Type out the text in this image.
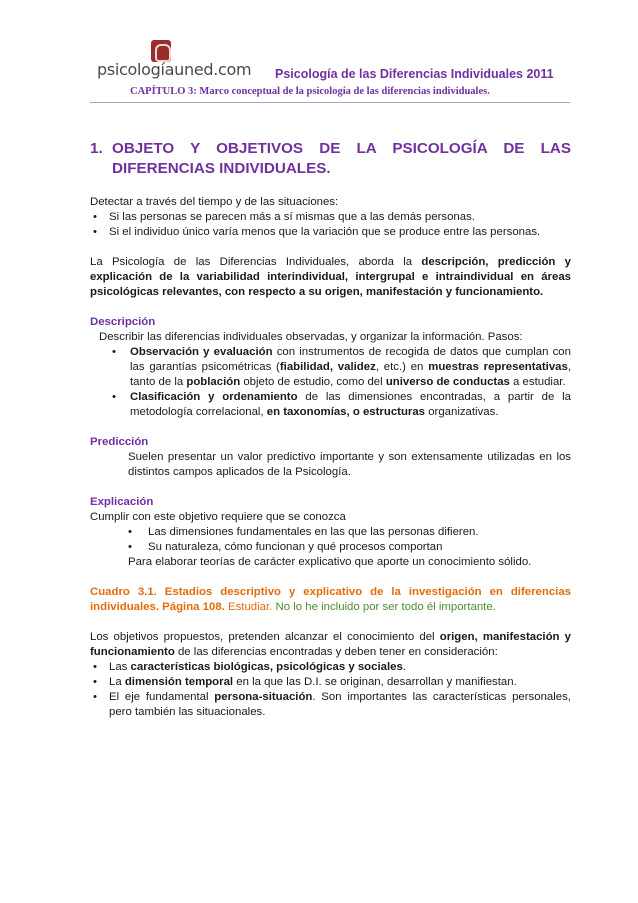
psicologíauned.com Psicología de las Diferencias Individuales 2011
CAPÍTULO 3: Marco conceptual de la psicología de las diferencias individuales.
1. OBJETO Y OBJETIVOS DE LA PSICOLOGÍA DE LAS
DIFERENCIAS INDIVIDUALES.

Detectar a través del tiempo y de las situaciones:

• Si las personas se parecen más a sí mismas que a las demás personas.
• Si el individuo único varía menos que la variación que se produce entre las personas.

La Psicología de las Diferencias Individuales, aborda la descripción, predicción y explicación de la variabilidad interindividual, intergrupal e intraindividual en áreas psicológicas relevantes, con respecto a su origen, manifestación y funcionamiento.

Descripción

Describir las diferencias individuales observadas, y organizar la información. Pasos:

• Observación y evaluación con instrumentos de recogida de datos que cumplan con las garantías psicométricas (fiabilidad, validez, etc.) en muestras representativas, tanto de la población objeto de estudio, como del universo de conductas a estudiar.

• Clasificación y ordenamiento de las dimensiones encontradas, a partir de la metodología correlacional, en taxonomías, o estructuras organizativas.

Predicción

Suelen presentar un valor predictivo importante y son extensamente utilizadas en los distintos campos aplicados de la Psicología.

Explicación

Cumplir con este objetivo requiere que se conozca

• Las dimensiones fundamentales en las que las personas difieren.
• Su naturaleza, cómo funcionan y qué procesos comportan

Para elaborar teorías de carácter explicativo que aporte un conocimiento sólido.

Cuadro 3.1. Estadios descriptivo y explicativo de la investigación en diferencias individuales. Página 108. Estudiar. No lo he incluido por ser todo él importante.

Los objetivos propuestos, pretenden alcanzar el conocimiento del origen, manifestación y funcionamiento de las diferencias encontradas y deben tener en consideración:

• Las características biológicas, psicológicas y sociales.

• La dimensión temporal en la que las D.I. se originan, desarrollan y manifiestan.

• El eje fundamental persona-situación. Son importantes las características personales, pero también las situacionales.
